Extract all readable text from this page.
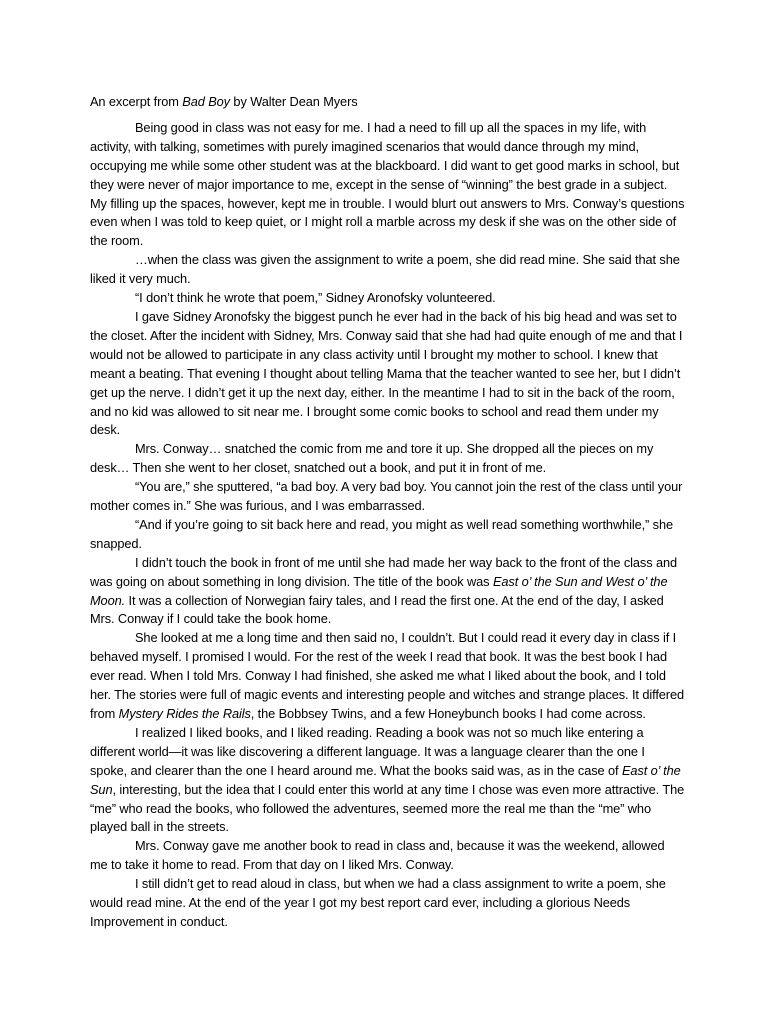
An excerpt from Bad Boy by Walter Dean Myers

Being good in class was not easy for me. I had a need to fill up all the spaces in my life, with activity, with talking, sometimes with purely imagined scenarios that would dance through my mind, occupying me while some other student was at the blackboard. I did want to get good marks in school, but they were never of major importance to me, except in the sense of “winning” the best grade in a subject. My filling up the spaces, however, kept me in trouble. I would blurt out answers to Mrs. Conway’s questions even when I was told to keep quiet, or I might roll a marble across my desk if she was on the other side of the room.

…when the class was given the assignment to write a poem, she did read mine. She said that she liked it very much.

“I don’t think he wrote that poem,” Sidney Aronofsky volunteered.

I gave Sidney Aronofsky the biggest punch he ever had in the back of his big head and was set to the closet. After the incident with Sidney, Mrs. Conway said that she had had quite enough of me and that I would not be allowed to participate in any class activity until I brought my mother to school. I knew that meant a beating. That evening I thought about telling Mama that the teacher wanted to see her, but I didn’t get up the nerve. I didn’t get it up the next day, either. In the meantime I had to sit in the back of the room, and no kid was allowed to sit near me. I brought some comic books to school and read them under my desk.

Mrs. Conway… snatched the comic from me and tore it up. She dropped all the pieces on my desk… Then she went to her closet, snatched out a book, and put it in front of me.

“You are,” she sputtered, “a bad boy. A very bad boy. You cannot join the rest of the class until your mother comes in.” She was furious, and I was embarrassed.

“And if you’re going to sit back here and read, you might as well read something worthwhile,” she snapped.

I didn’t touch the book in front of me until she had made her way back to the front of the class and was going on about something in long division. The title of the book was East o’ the Sun and West o’ the Moon. It was a collection of Norwegian fairy tales, and I read the first one. At the end of the day, I asked Mrs. Conway if I could take the book home.

She looked at me a long time and then said no, I couldn’t. But I could read it every day in class if I behaved myself. I promised I would. For the rest of the week I read that book. It was the best book I had ever read. When I told Mrs. Conway I had finished, she asked me what I liked about the book, and I told her. The stories were full of magic events and interesting people and witches and strange places. It differed from Mystery Rides the Rails, the Bobbsey Twins, and a few Honeybunch books I had come across.

I realized I liked books, and I liked reading. Reading a book was not so much like entering a different world—it was like discovering a different language. It was a language clearer than the one I spoke, and clearer than the one I heard around me. What the books said was, as in the case of East o’ the Sun, interesting, but the idea that I could enter this world at any time I chose was even more attractive. The “me” who read the books, who followed the adventures, seemed more the real me than the “me” who played ball in the streets.

Mrs. Conway gave me another book to read in class and, because it was the weekend, allowed me to take it home to read. From that day on I liked Mrs. Conway.

I still didn’t get to read aloud in class, but when we had a class assignment to write a poem, she would read mine. At the end of the year I got my best report card ever, including a glorious Needs Improvement in conduct.
